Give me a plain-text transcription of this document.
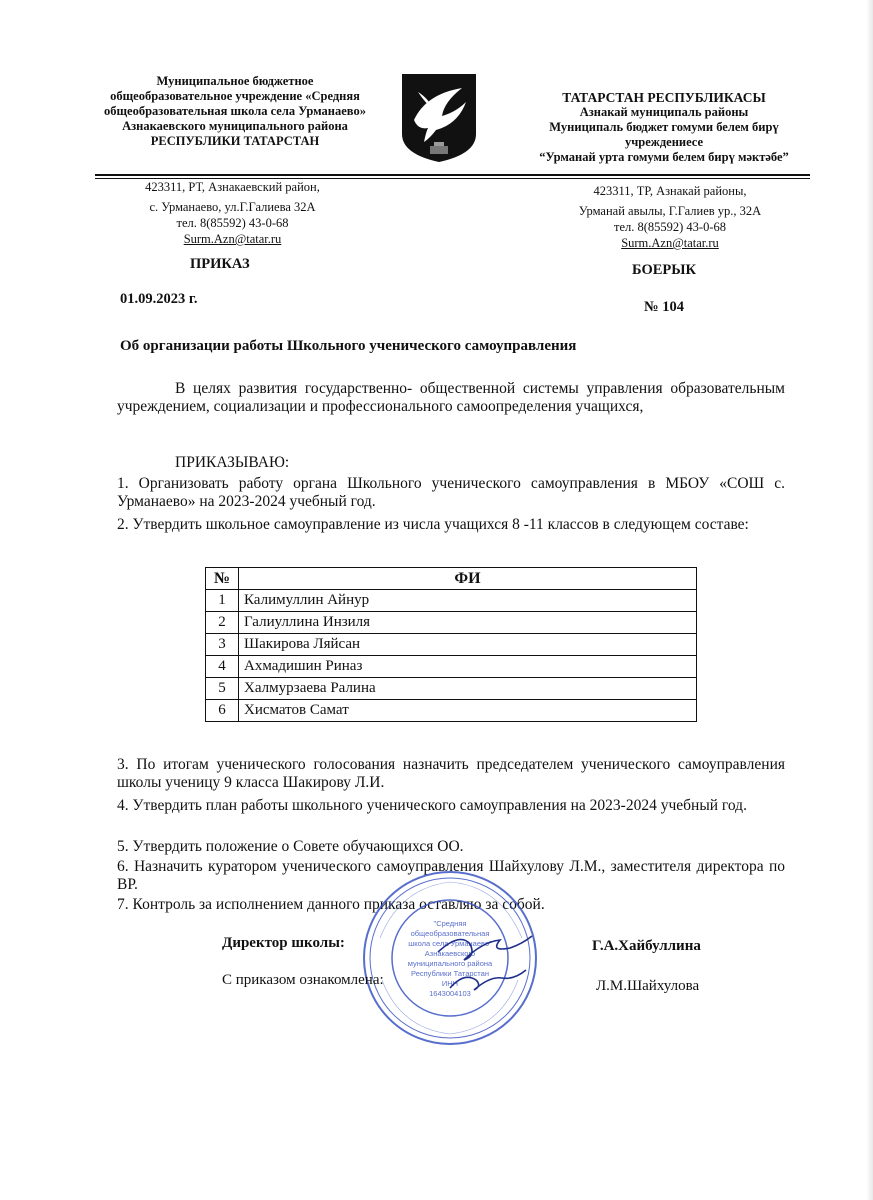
Муниципальное бюджетное
общеобразовательное учреждение «Средняя
общеобразовательная школа села Урманаево»
Азнакаевского муниципального района
РЕСПУБЛИКИ ТАТАРСТАН
ТАТАРСТАН РЕСПУБЛИКАСЫ
Азнакай муниципаль районы
Муниципаль бюджет гомуми белем бирү
учреждениесе
“Урманай урта гомуми белем бирү мәктәбе”
423311, РТ, Азнакаевский район,
с. Урманаево, ул.Г.Галиева 32А
тел. 8(85592) 43-0-68
Surm.Azn@tatar.ru
423311, ТР, Азнакай районы,
Урманай авылы, Г.Галиев ур., 32А
тел. 8(85592) 43-0-68
Surm.Azn@tatar.ru
ПРИКАЗ	БОЕРЫК
01.09.2023 г.	№ 104
Об организации работы Школьного ученического самоуправления
В целях развития государственно- общественной системы управления образовательным учреждением, социализации и профессионального самоопределения учащихся,
ПРИКАЗЫВАЮ:
1. Организовать работу органа Школьного ученического самоуправления в МБОУ «СОШ с. Урманаево» на 2023-2024 учебный год.
2. Утвердить школьное самоуправление из числа учащихся 8 -11 классов в следующем составе:
№	ФИ
1	Калимуллин Айнур
2	Галиуллина Инзиля
3	Шакирова Ляйсан
4	Ахмадишин Риназ
5	Халмурзаева Ралина
6	Хисматов Самат
3. По итогам ученического голосования назначить председателем ученического самоуправления школы ученицу 9 класса Шакирову Л.И.
4. Утвердить план работы школьного ученического самоуправления на 2023-2024 учебный год.
5. Утвердить положение о Совете обучающихся ОО.
6. Назначить куратором ученического самоуправления Шайхулову Л.М., заместителя директора по ВР.
7. Контроль за исполнением данного приказа оставляю за собой.
"Средняя
общеобразовательная
школа села Урманаево"
Азнакаевского
муниципального района
Республики Татарстан
ИНН
1643004103
Директор школы:	Г.А.Хайбуллина
С приказом ознакомлена:	Л.М.Шайхулова
